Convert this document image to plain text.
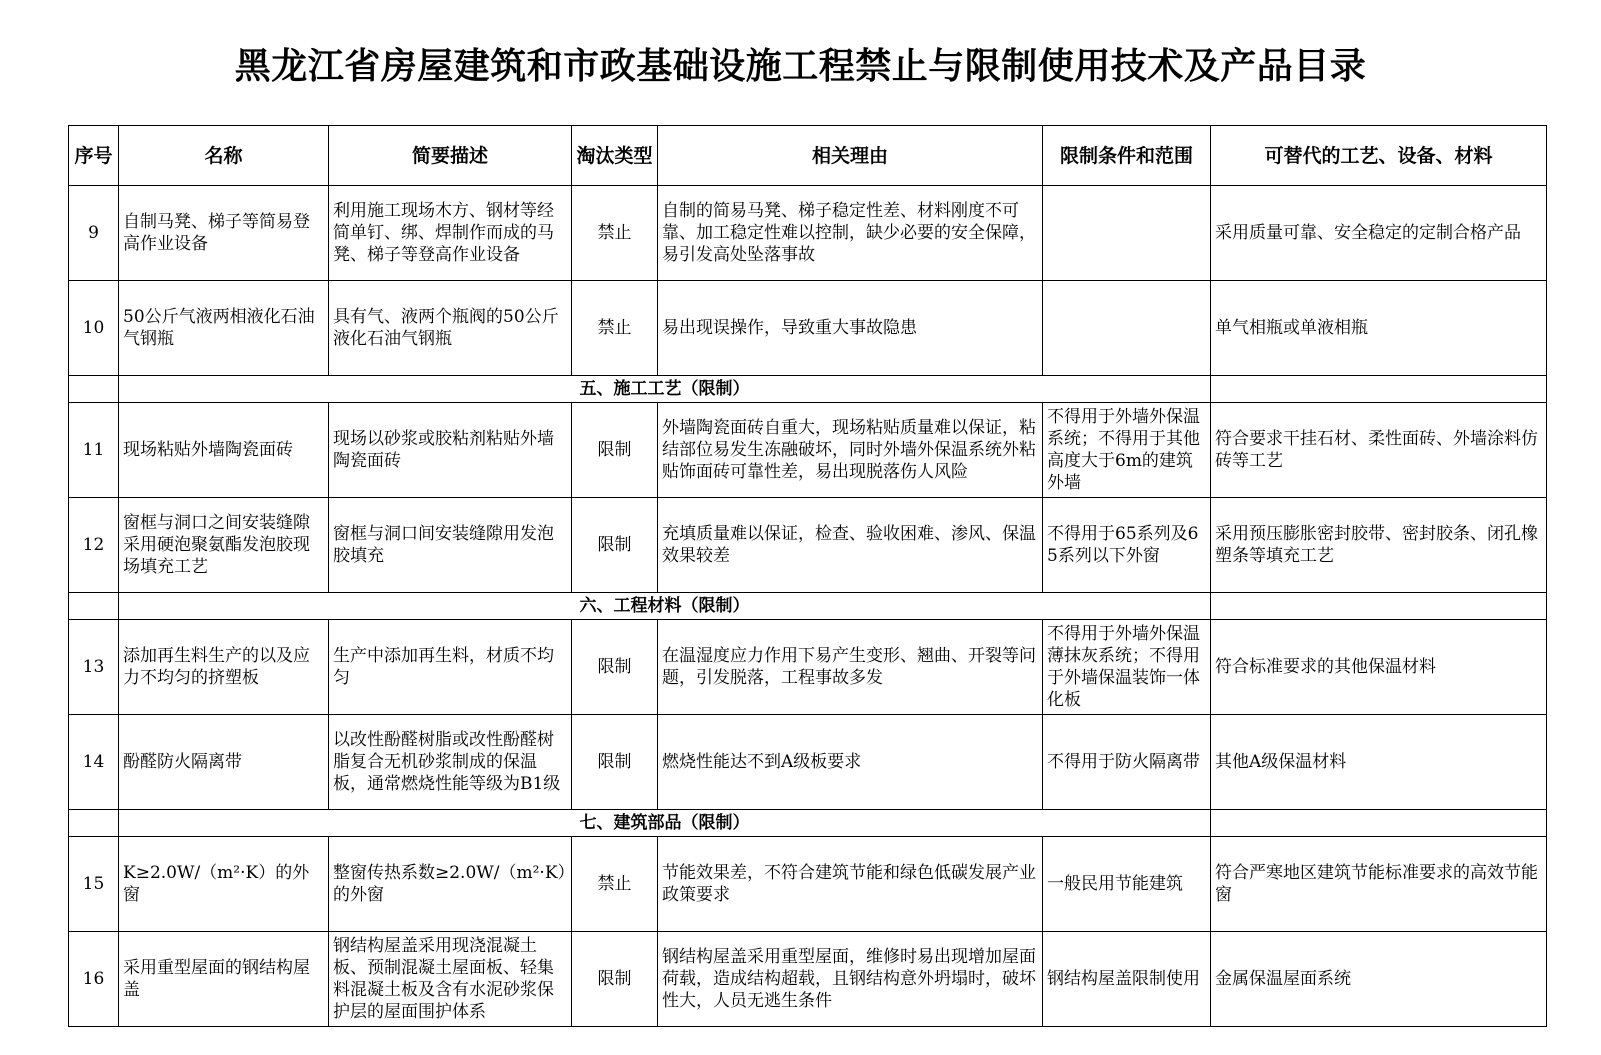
黑龙江省房屋建筑和市政基础设施工程禁止与限制使用技术及产品目录
序号	名称	简要描述	淘汰类型	相关理由	限制条件和范围	可替代的工艺、设备、材料
9	自制马凳、梯子等简易登高作业设备	利用施工现场木方、钢材等经简单钉、绑、焊制作而成的马凳、梯子等登高作业设备	禁止	自制的简易马凳、梯子稳定性差、材料刚度不可靠、加工稳定性难以控制，缺少必要的安全保障，易引发高处坠落事故		采用质量可靠、安全稳定的定制合格产品
10	50公斤气液两相液化石油气钢瓶	具有气、液两个瓶阀的50公斤液化石油气钢瓶	禁止	易出现误操作，导致重大事故隐患		单气相瓶或单液相瓶
	五、施工工艺（限制）					
11	现场粘贴外墙陶瓷面砖	现场以砂浆或胶粘剂粘贴外墙陶瓷面砖	限制	外墙陶瓷面砖自重大，现场粘贴质量难以保证，粘结部位易发生冻融破坏，同时外墙外保温系统外粘贴饰面砖可靠性差，易出现脱落伤人风险	不得用于外墙外保温系统；不得用于其他高度大于6m的建筑外墙	符合要求干挂石材、柔性面砖、外墙涂料仿砖等工艺
12	窗框与洞口之间安装缝隙采用硬泡聚氨酯发泡胶现场填充工艺	窗框与洞口间安装缝隙用发泡胶填充	限制	充填质量难以保证，检查、验收困难、渗风、保温效果较差	不得用于65系列及65系列以下外窗	采用预压膨胀密封胶带、密封胶条、闭孔橡塑条等填充工艺
	六、工程材料（限制）					
13	添加再生料生产的以及应力不均匀的挤塑板	生产中添加再生料，材质不均匀	限制	在温湿度应力作用下易产生变形、翘曲、开裂等问题，引发脱落，工程事故多发	不得用于外墙外保温薄抹灰系统；不得用于外墙保温装饰一体化板	符合标准要求的其他保温材料
14	酚醛防火隔离带	以改性酚醛树脂或改性酚醛树脂复合无机砂浆制成的保温板，通常燃烧性能等级为B1级	限制	燃烧性能达不到A级板要求	不得用于防火隔离带	其他A级保温材料
	七、建筑部品（限制）					
15	K≥2.0W/（m²·K）的外窗	整窗传热系数≥2.0W/（m²·K）的外窗	禁止	节能效果差，不符合建筑节能和绿色低碳发展产业政策要求	一般民用节能建筑	符合严寒地区建筑节能标准要求的高效节能窗
16	采用重型屋面的钢结构屋盖	钢结构屋盖采用现浇混凝土板、预制混凝土屋面板、轻集料混凝土板及含有水泥砂浆保护层的屋面围护体系	限制	钢结构屋盖采用重型屋面，维修时易出现增加屋面荷载，造成结构超载，且钢结构意外坍塌时，破坏性大，人员无逃生条件	钢结构屋盖限制使用	金属保温屋面系统
